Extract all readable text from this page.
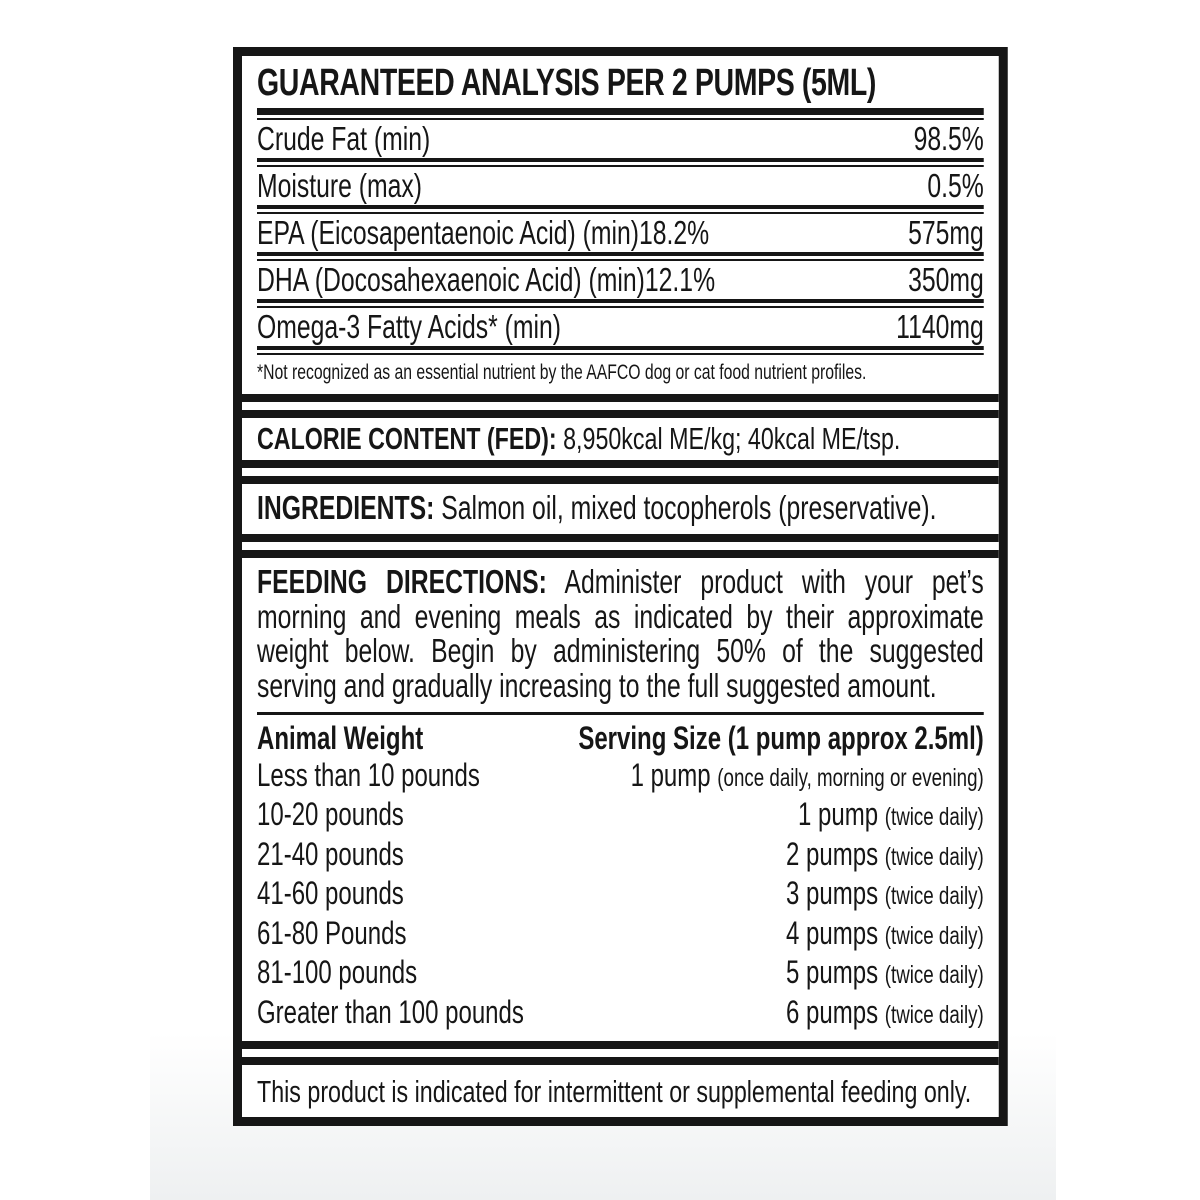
GUARANTEED ANALYSIS PER 2 PUMPS (5ML)
Crude Fat (min)	98.5%
Moisture (max)	0.5%
EPA (Eicosapentaenoic Acid) (min)18.2%	575mg
DHA (Docosahexaenoic Acid) (min)12.1%	350mg
Omega-3 Fatty Acids* (min)	1140mg
*Not recognized as an essential nutrient by the AAFCO dog or cat food nutrient profiles.
CALORIE CONTENT (FED): 8,950kcal ME/kg; 40kcal ME/tsp.
INGREDIENTS: Salmon oil, mixed tocopherols (preservative).

FEEDING DIRECTIONS: Administer product with your pet’s morning and evening meals as indicated by their approximate weight below. Begin by administering 50% of the suggested serving and gradually increasing to the full suggested amount.

Animal Weight	Serving Size (1 pump approx 2.5ml)
Less than 10 pounds	1 pump (once daily, morning or evening)
10-20 pounds	1 pump (twice daily)
21-40 pounds	2 pumps (twice daily)
41-60 pounds	3 pumps (twice daily)
61-80 Pounds	4 pumps (twice daily)
81-100 pounds	5 pumps (twice daily)
Greater than 100 pounds	6 pumps (twice daily)
This product is indicated for intermittent or supplemental feeding only.
